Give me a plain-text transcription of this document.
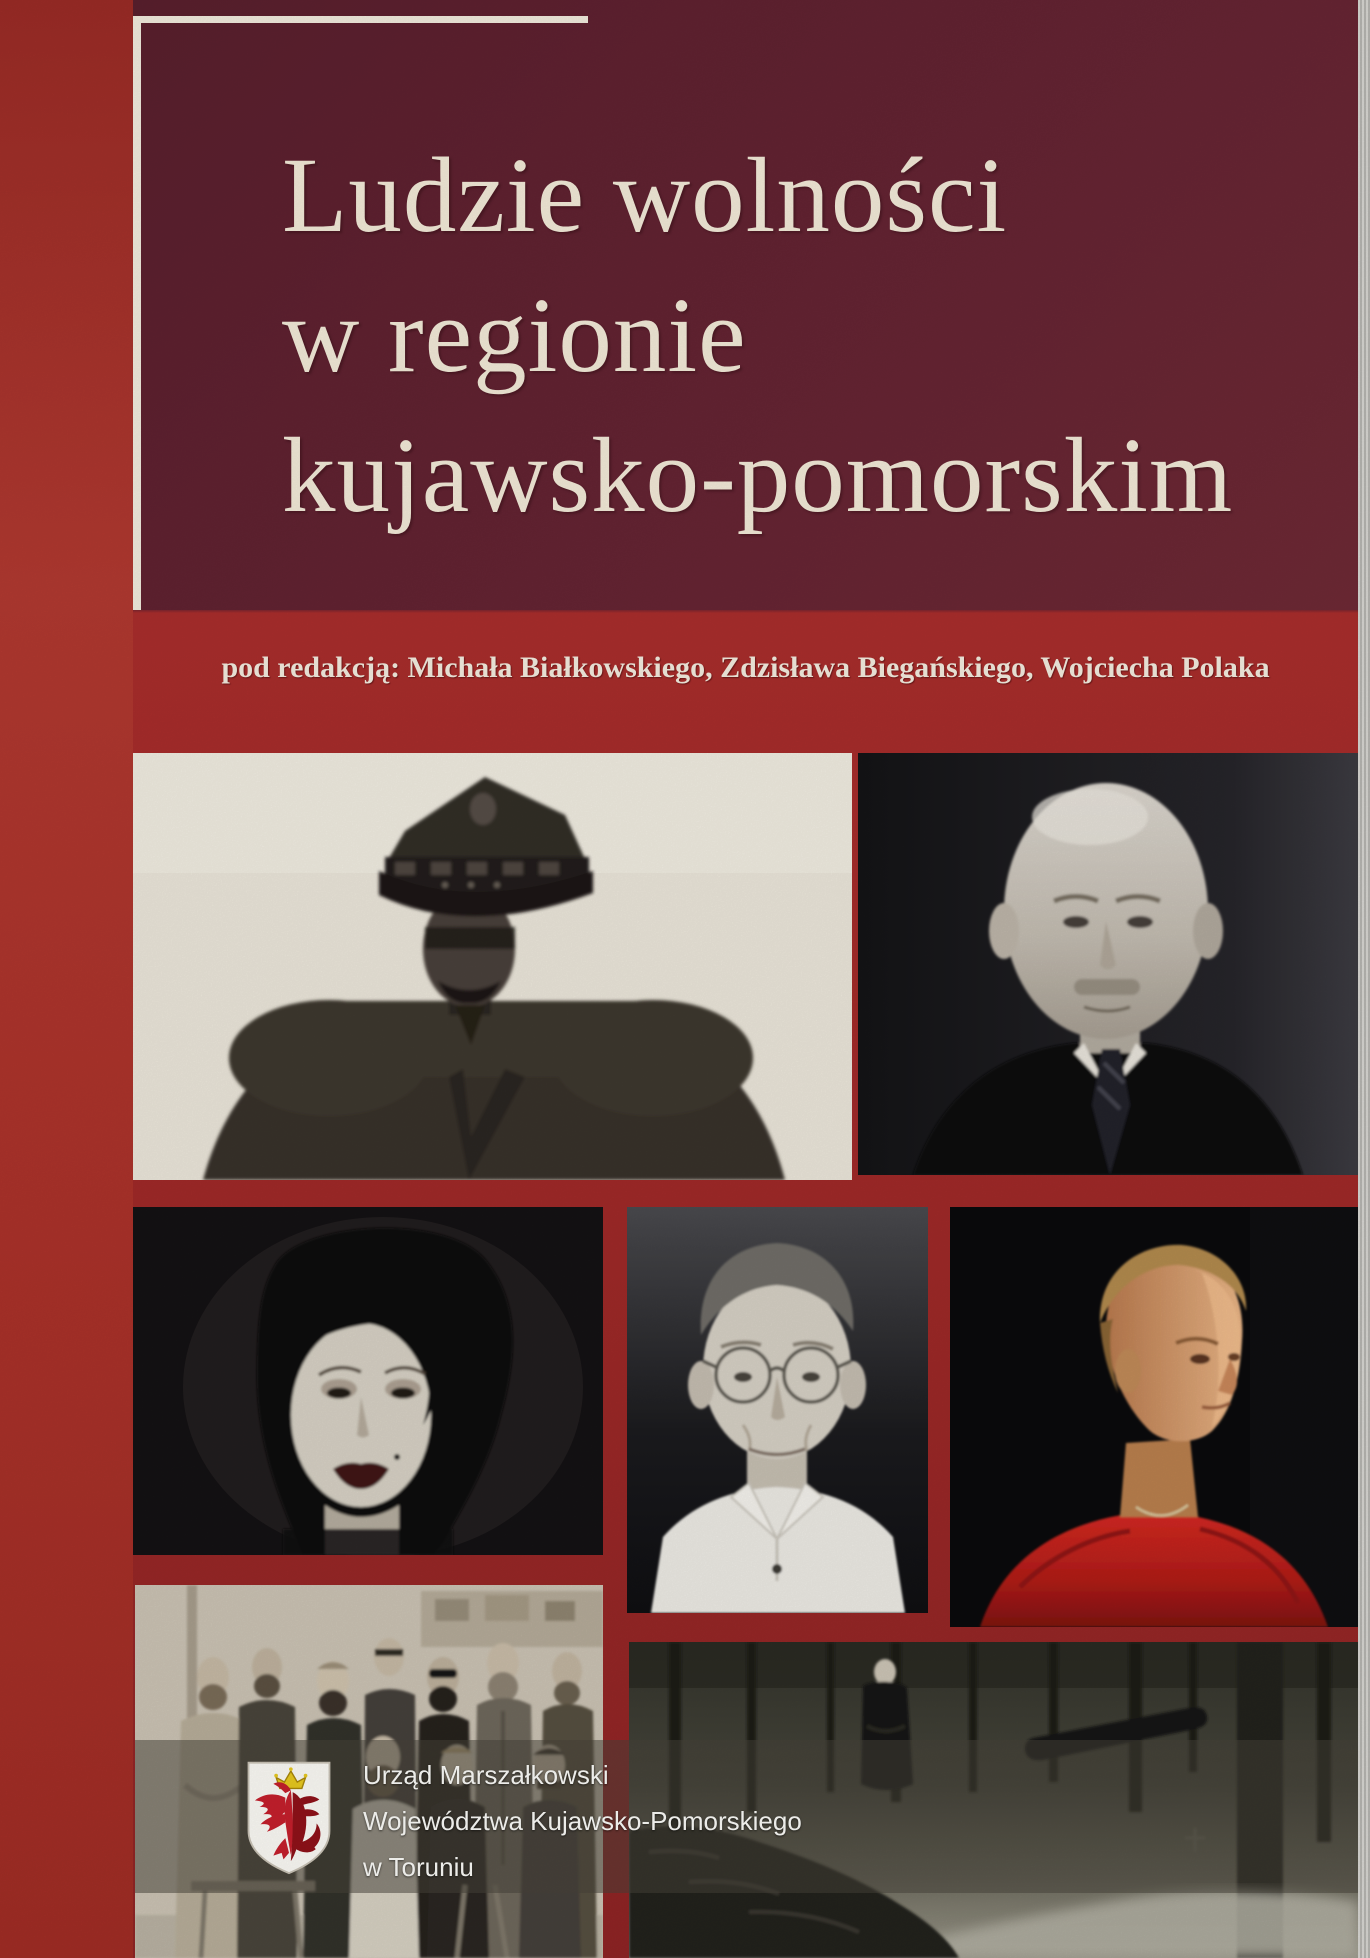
Ludzie wolności
w regionie
kujawsko-pomorskim
pod redakcją: Michała Białkowskiego, Zdzisława Biegańskiego, Wojciecha Polaka
Urząd Marszałkowski
Województwa Kujawsko-Pomorskiego
w Toruniu
